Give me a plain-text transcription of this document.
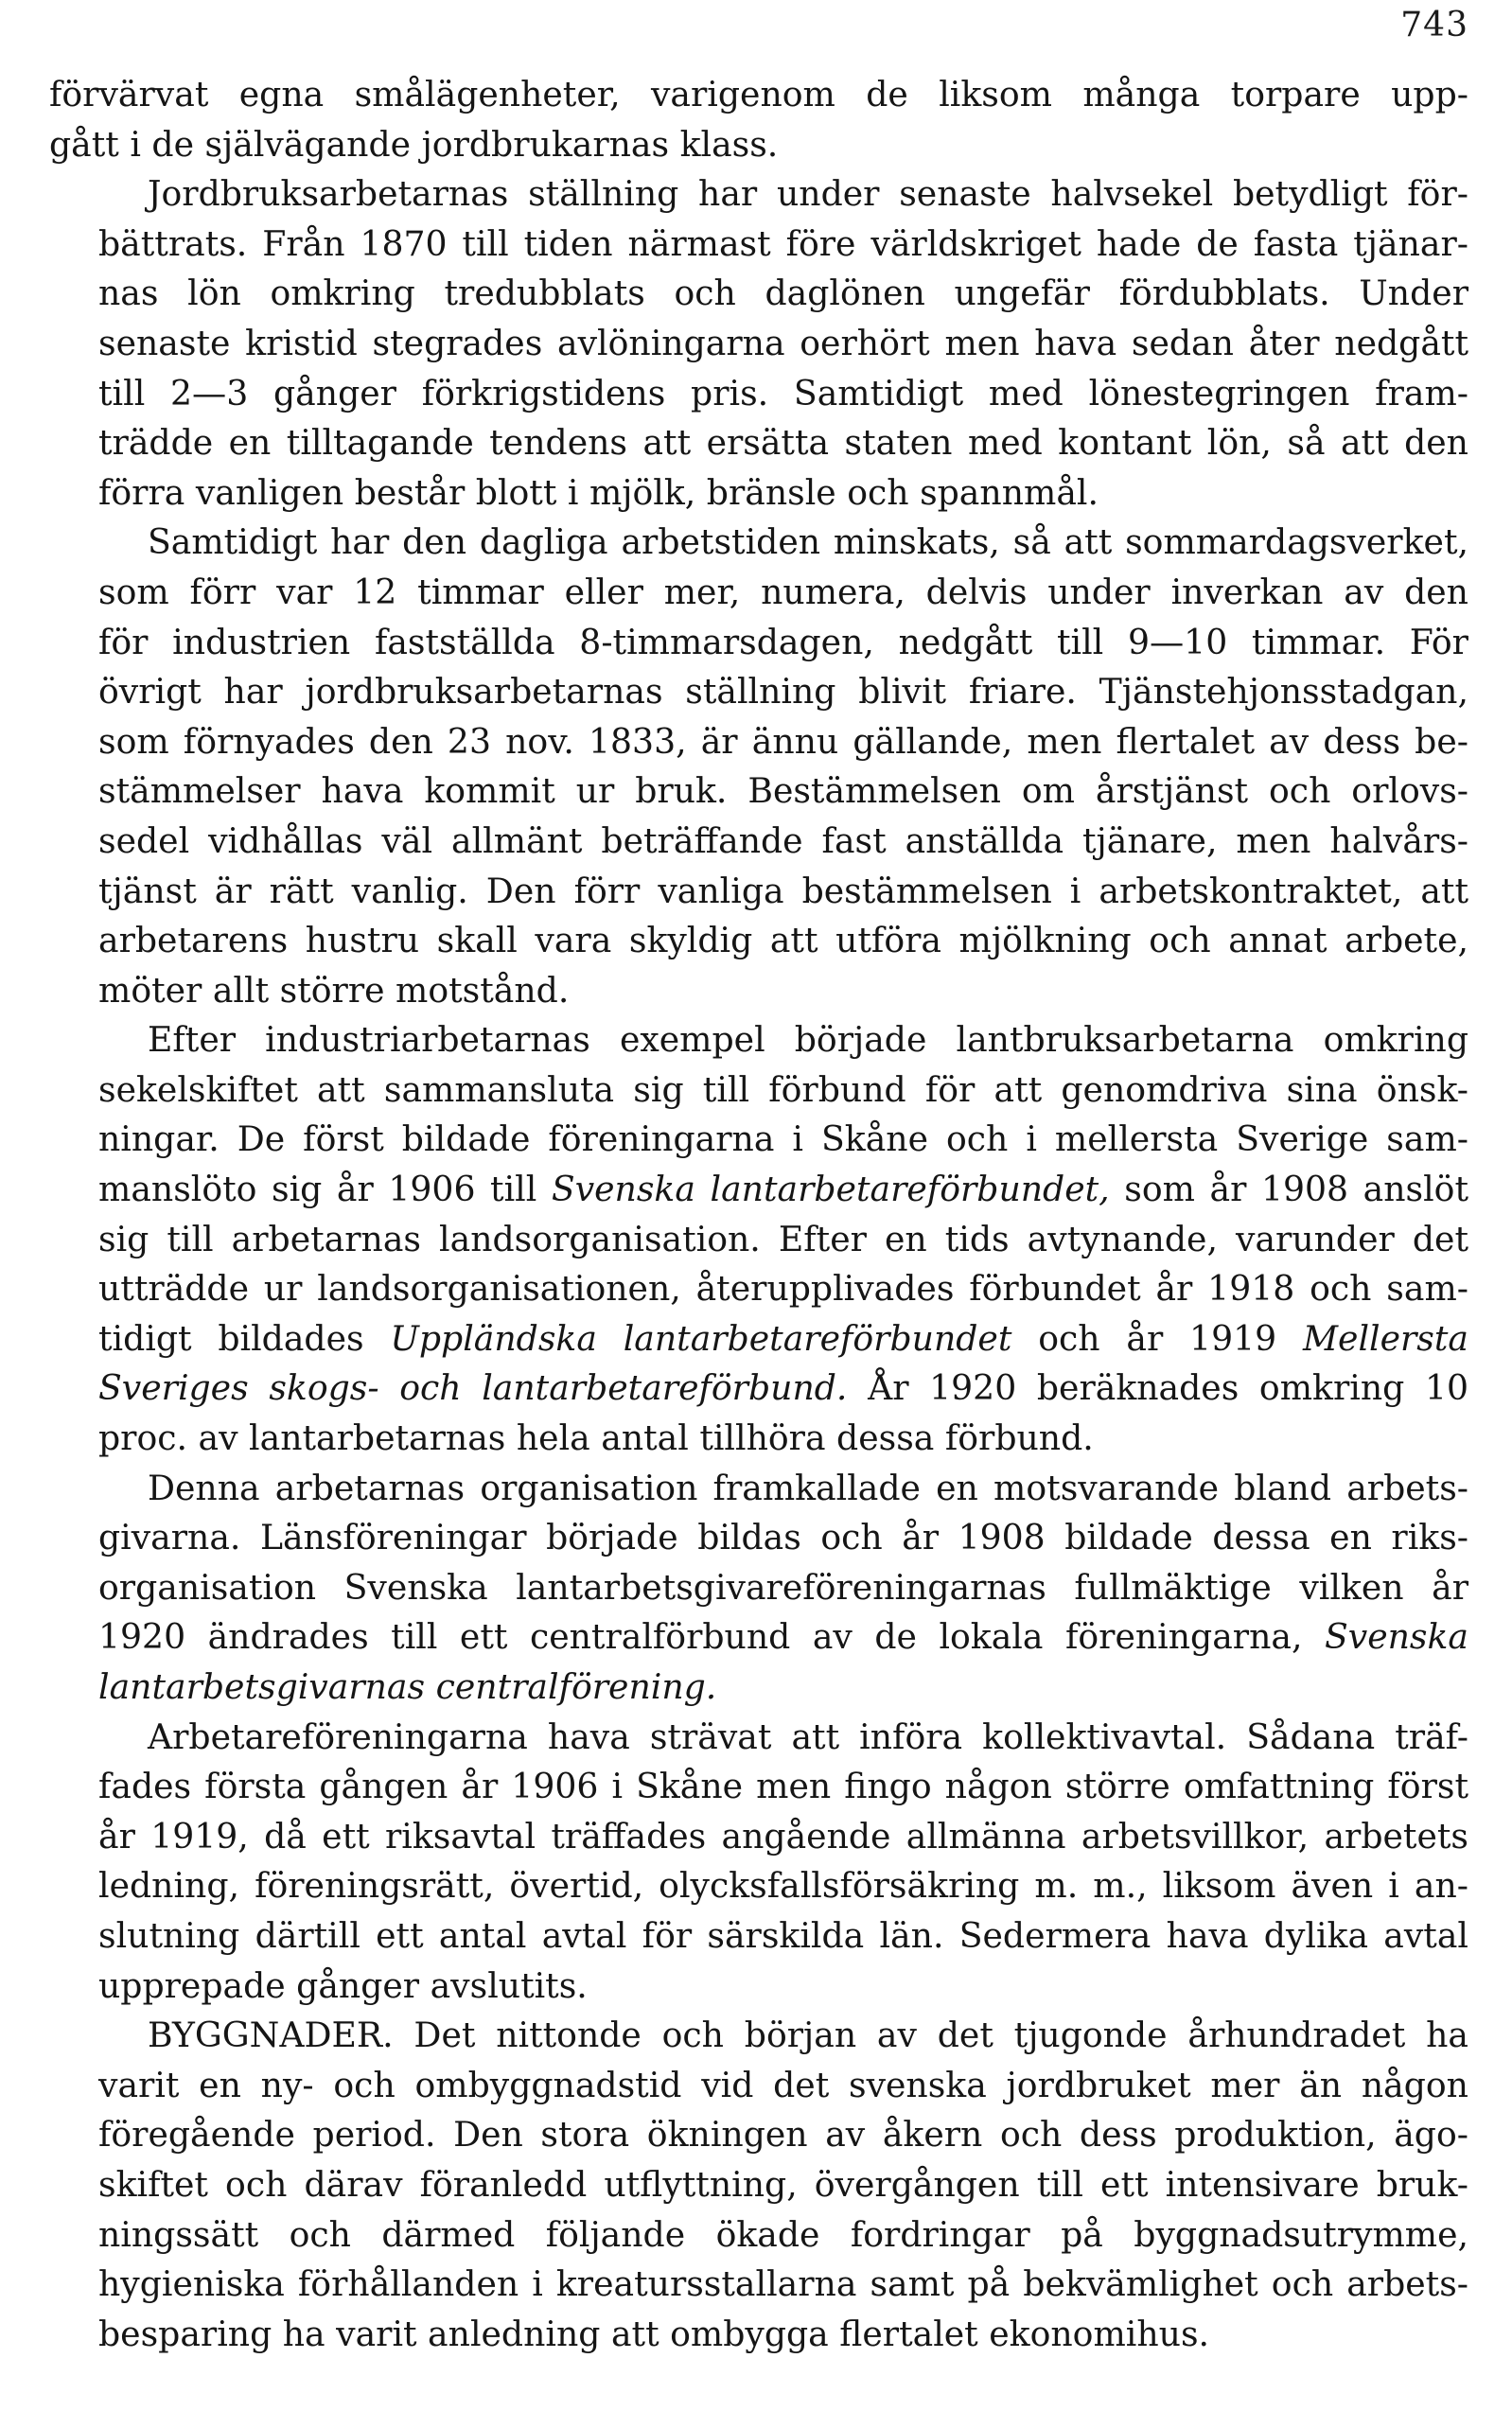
743
förvärvat egna smålägenheter, varigenom de liksom många torpare upp-
gått i de självägande jordbrukarnas klass.
Jordbruksarbetarnas ställning har under senaste halvsekel betydligt för-
bättrats. Från 1870 till tiden närmast före världskriget hade de fasta tjänar-
nas lön omkring tredubblats och daglönen ungefär fördubblats. Under
senaste kristid stegrades avlöningarna oerhört men hava sedan åter nedgått
till 2—3 gånger förkrigstidens pris. Samtidigt med lönestegringen fram-
trädde en tilltagande tendens att ersätta staten med kontant lön, så att den
förra vanligen består blott i mjölk, bränsle och spannmål.
Samtidigt har den dagliga arbetstiden minskats, så att sommardagsverket,
som förr var 12 timmar eller mer, numera, delvis under inverkan av den
för industrien fastställda 8-timmarsdagen, nedgått till 9—10 timmar. För
övrigt har jordbruksarbetarnas ställning blivit friare. Tjänstehjonsstadgan,
som förnyades den 23 nov. 1833, är ännu gällande, men flertalet av dess be-
stämmelser hava kommit ur bruk. Bestämmelsen om årstjänst och orlovs-
sedel vidhållas väl allmänt beträffande fast anställda tjänare, men halvårs-
tjänst är rätt vanlig. Den förr vanliga bestämmelsen i arbetskontraktet, att
arbetarens hustru skall vara skyldig att utföra mjölkning och annat arbete,
möter allt större motstånd.
Efter industriarbetarnas exempel började lantbruksarbetarna omkring
sekelskiftet att sammansluta sig till förbund för att genomdriva sina önsk-
ningar. De först bildade föreningarna i Skåne och i mellersta Sverige sam-
manslöto sig år 1906 till Svenska lantarbetareförbundet, som år 1908 anslöt
sig till arbetarnas landsorganisation. Efter en tids avtynande, varunder det
utträdde ur landsorganisationen, återupplivades förbundet år 1918 och sam-
tidigt bildades Uppländska lantarbetareförbundet och år 1919 Mellersta
Sveriges skogs- och lantarbetareförbund. År 1920 beräknades omkring 10
proc. av lantarbetarnas hela antal tillhöra dessa förbund.
Denna arbetarnas organisation framkallade en motsvarande bland arbets-
givarna. Länsföreningar började bildas och år 1908 bildade dessa en riks-
organisation Svenska lantarbetsgivareföreningarnas fullmäktige vilken år
1920 ändrades till ett centralförbund av de lokala föreningarna, Svenska
lantarbetsgivarnas centralförening.
Arbetareföreningarna hava strävat att införa kollektivavtal. Sådana träf-
fades första gången år 1906 i Skåne men fingo någon större omfattning först
år 1919, då ett riksavtal träffades angående allmänna arbetsvillkor, arbetets
ledning, föreningsrätt, övertid, olycksfallsförsäkring m. m., liksom även i an-
slutning därtill ett antal avtal för särskilda län. Sedermera hava dylika avtal
upprepade gånger avslutits.
BYGGNADER. Det nittonde och början av det tjugonde århundradet ha
varit en ny- och ombyggnadstid vid det svenska jordbruket mer än någon
föregående period. Den stora ökningen av åkern och dess produktion, ägo-
skiftet och därav föranledd utflyttning, övergången till ett intensivare bruk-
ningssätt och därmed följande ökade fordringar på byggnadsutrymme,
hygieniska förhållanden i kreatursstallarna samt på bekvämlighet och arbets-
besparing ha varit anledning att ombygga flertalet ekonomihus.
